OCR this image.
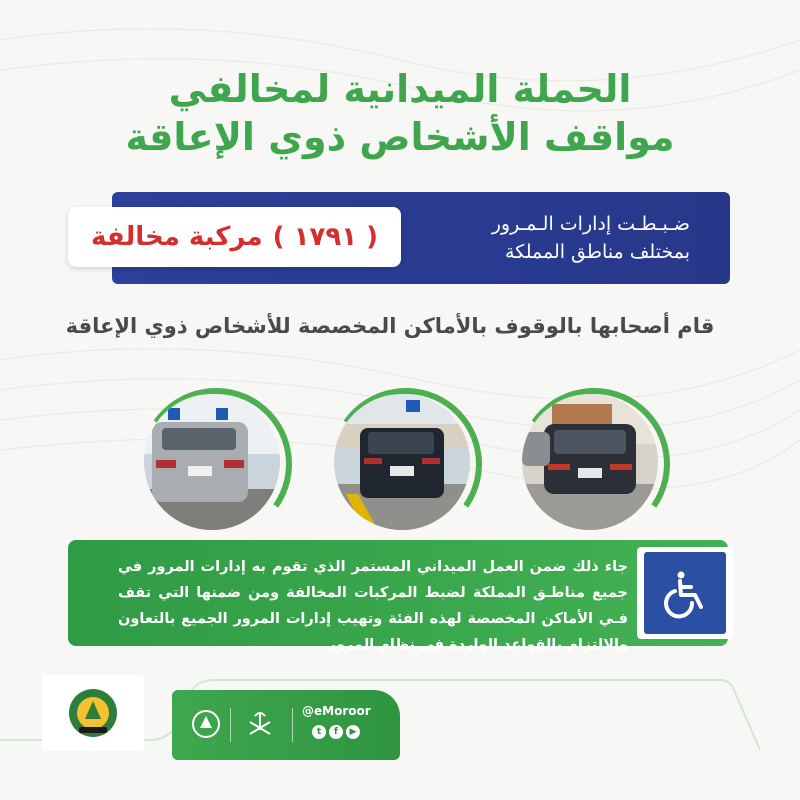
الحملة الميدانية لمخالفي
مواقف الأشخاص ذوي الإعاقة
ضـبـطـت إدارات الـمـرور
بمختلف مناطق المملكة
( ١٧٩١ )
مركبة مخالفة
قام أصحابها بالوقوف بالأماكن المخصصة للأشخاص ذوي الإعاقة
جاء ذلك ضمن العمل الميداني المستمر الذي تقوم به إدارات المرور في جميع مناطـق المملكة لضبط المركبات المخالفة ومن ضمنها التي تقف فـي الأماكن المخصصة لهذه الفئة وتهيب إدارات المرور الجميع بالتعاون والالتزام بالقواعد الواردة في نظام المرور
@eMoroor
t	f	▶
